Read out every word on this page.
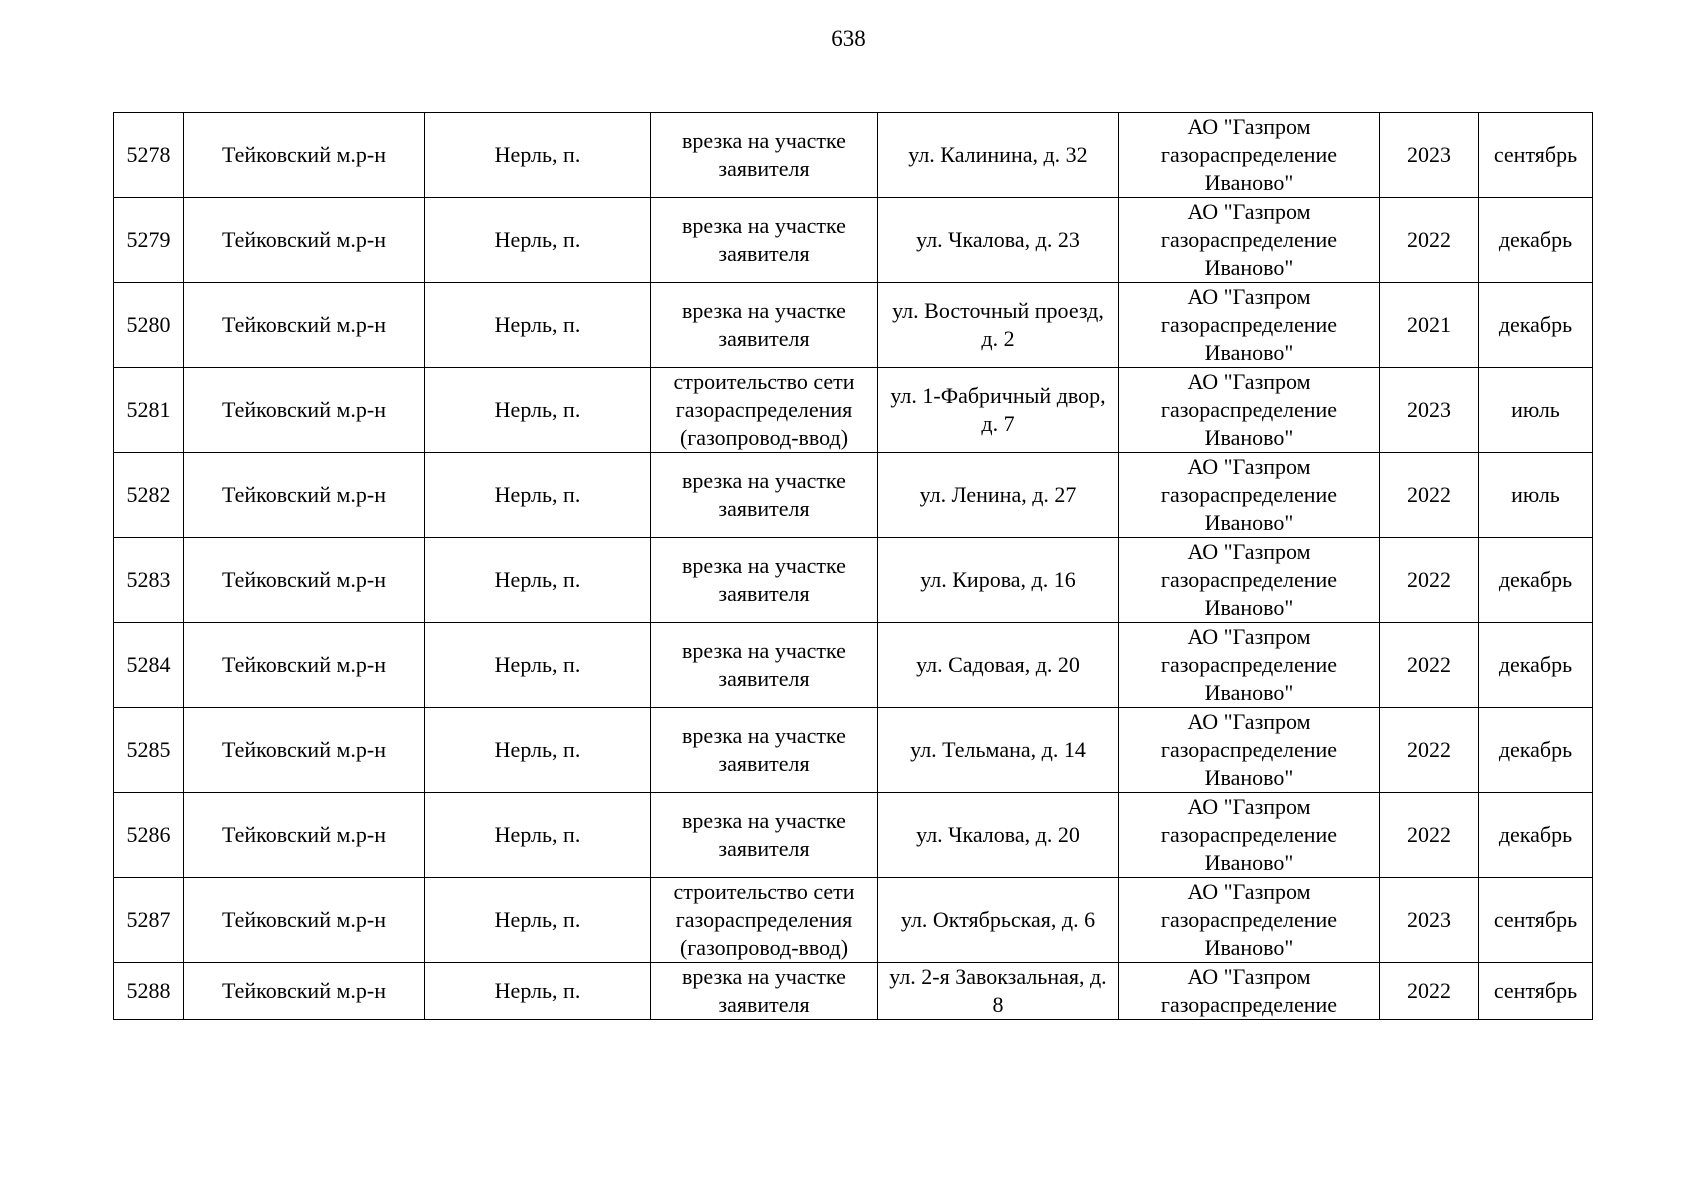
638
5278	Тейковский м.р-н	Нерль, п.	врезка на участке заявителя	ул. Калинина, д. 32	АО "Газпром газораспределение Иваново"	2023	сентябрь
5279	Тейковский м.р-н	Нерль, п.	врезка на участке заявителя	ул. Чкалова, д. 23	АО "Газпром газораспределение Иваново"	2022	декабрь
5280	Тейковский м.р-н	Нерль, п.	врезка на участке заявителя	ул. Восточный проезд, д. 2	АО "Газпром газораспределение Иваново"	2021	декабрь
5281	Тейковский м.р-н	Нерль, п.	строительство сети газораспределения (газопровод-ввод)	ул. 1-Фабричный двор, д. 7	АО "Газпром газораспределение Иваново"	2023	июль
5282	Тейковский м.р-н	Нерль, п.	врезка на участке заявителя	ул. Ленина, д. 27	АО "Газпром газораспределение Иваново"	2022	июль
5283	Тейковский м.р-н	Нерль, п.	врезка на участке заявителя	ул. Кирова, д. 16	АО "Газпром газораспределение Иваново"	2022	декабрь
5284	Тейковский м.р-н	Нерль, п.	врезка на участке заявителя	ул. Садовая, д. 20	АО "Газпром газораспределение Иваново"	2022	декабрь
5285	Тейковский м.р-н	Нерль, п.	врезка на участке заявителя	ул. Тельмана, д. 14	АО "Газпром газораспределение Иваново"	2022	декабрь
5286	Тейковский м.р-н	Нерль, п.	врезка на участке заявителя	ул. Чкалова, д. 20	АО "Газпром газораспределение Иваново"	2022	декабрь
5287	Тейковский м.р-н	Нерль, п.	строительство сети газораспределения (газопровод-ввод)	ул. Октябрьская, д. 6	АО "Газпром газораспределение Иваново"	2023	сентябрь
5288	Тейковский м.р-н	Нерль, п.	врезка на участке заявителя	ул. 2-я Завокзальная, д. 8	АО "Газпром газораспределение	2022	сентябрь
